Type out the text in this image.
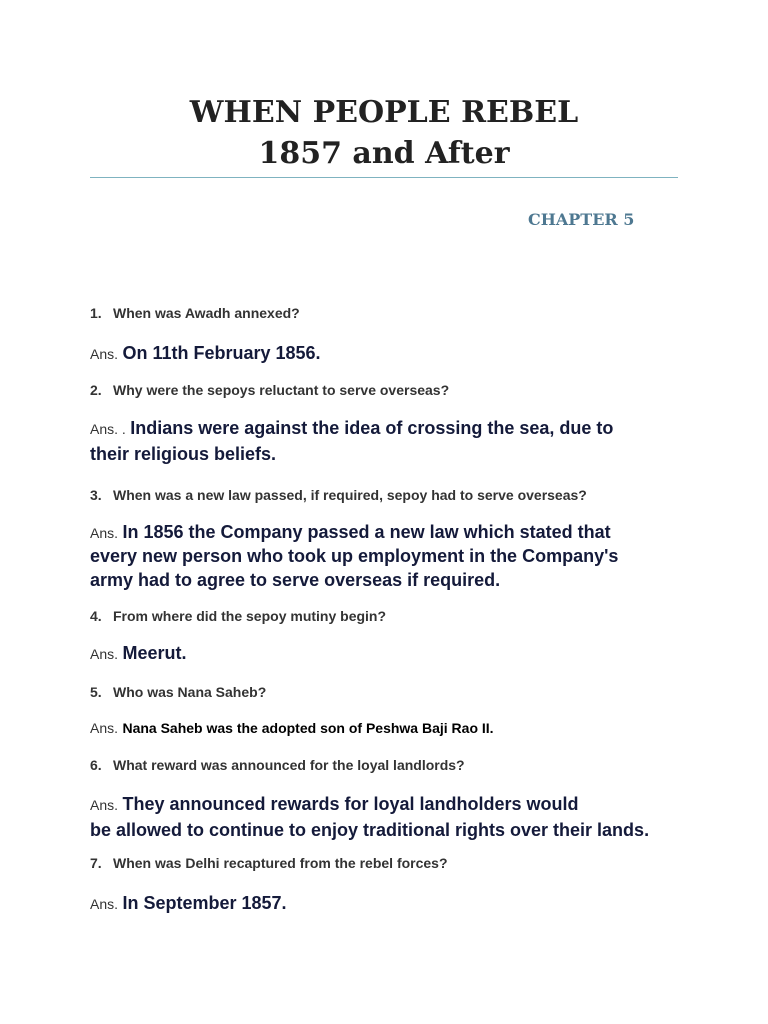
WHEN PEOPLE REBEL
1857 and After
CHAPTER 5

1. When was Awadh annexed?

Ans. On 11th February 1856.

2. Why were the sepoys reluctant to serve overseas?

Ans. . Indians were against the idea of crossing the sea, due to their religious beliefs.

3. When was a new law passed, if required, sepoy had to serve overseas?

Ans. In 1856 the Company passed a new law which stated that every new person who took up employment in the Company's army had to agree to serve overseas if required.

4. From where did the sepoy mutiny begin?

Ans. Meerut.

5. Who was Nana Saheb?

Ans. Nana Saheb was the adopted son of Peshwa Baji Rao II.

6. What reward was announced for the loyal landlords?

Ans. They announced rewards for loyal landholders would
be allowed to continue to enjoy traditional rights over their lands.

7. When was Delhi recaptured from the rebel forces?

Ans. In September 1857.
